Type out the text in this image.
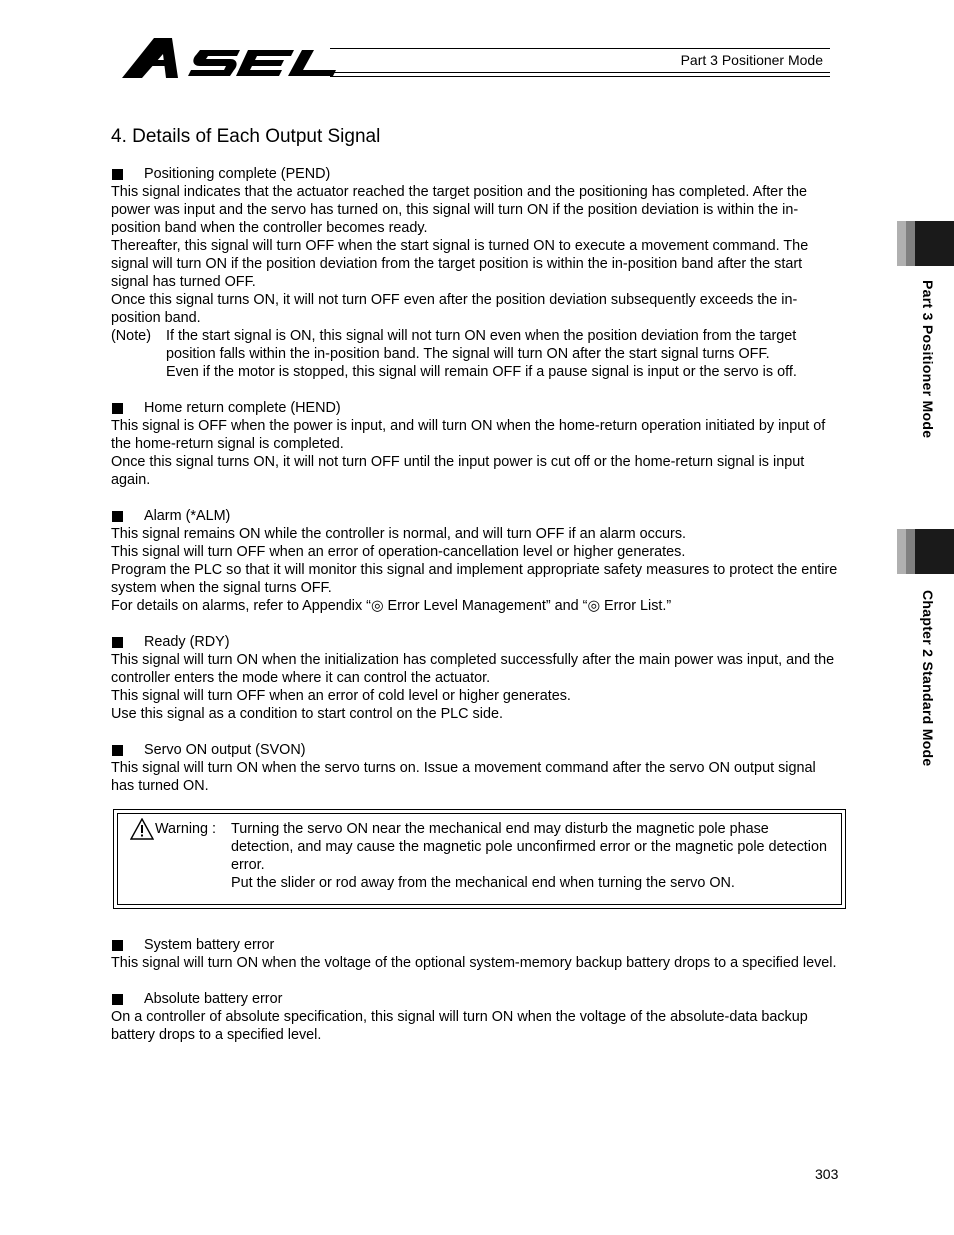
Part 3 Positioner Mode
Part 3 Positioner Mode
Chapter 2 Standard Mode
4. Details of Each Output Signal
Positioning complete (PEND)
This signal indicates that the actuator reached the target position and the positioning has completed. After the power was input and the servo has turned on, this signal will turn ON if the position deviation is within the in-position band when the controller becomes ready.
Thereafter, this signal will turn OFF when the start signal is turned ON to execute a movement command. The signal will turn ON if the position deviation from the target position is within the in-position band after the start signal has turned OFF.
Once this signal turns ON, it will not turn OFF even after the position deviation subsequently exceeds the in-position band.
(Note)	If the start signal is ON, this signal will not turn ON even when the position deviation from the target position falls within the in-position band. The signal will turn ON after the start signal turns OFF.
Even if the motor is stopped, this signal will remain OFF if a pause signal is input or the servo is off.
Home return complete (HEND)
This signal is OFF when the power is input, and will turn ON when the home-return operation initiated by input of the home-return signal is completed.
Once this signal turns ON, it will not turn OFF until the input power is cut off or the home-return signal is input again.
Alarm (*ALM)
This signal remains ON while the controller is normal, and will turn OFF if an alarm occurs.
This signal will turn OFF when an error of operation-cancellation level or higher generates.
Program the PLC so that it will monitor this signal and implement appropriate safety measures to protect the entire system when the signal turns OFF.
For details on alarms, refer to Appendix “◎ Error Level Management” and “◎ Error List.”
Ready (RDY)
This signal will turn ON when the initialization has completed successfully after the main power was input, and the controller enters the mode where it can control the actuator.
This signal will turn OFF when an error of cold level or higher generates.
Use this signal as a condition to start control on the PLC side.
Servo ON output (SVON)
This signal will turn ON when the servo turns on. Issue a movement command after the servo ON output signal has turned ON.
Warning :	Turning the servo ON near the mechanical end may disturb the magnetic pole phase detection, and may cause the magnetic pole unconfirmed error or the magnetic pole detection error.
Put the slider or rod away from the mechanical end when turning the servo ON.
System battery error
This signal will turn ON when the voltage of the optional system-memory backup battery drops to a specified level.
Absolute battery error
On a controller of absolute specification, this signal will turn ON when the voltage of the absolute-data backup battery drops to a specified level.
303
